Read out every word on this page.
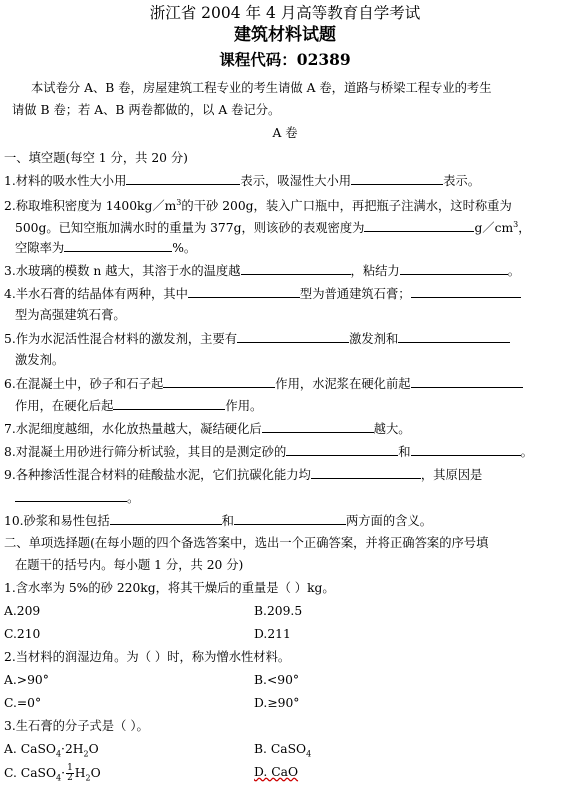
浙江省 2004 年 4 月高等教育自学考试
建筑材料试题
课程代码：02389
本试卷分 A、B 卷，房屋建筑工程专业的考生请做 A 卷，道路与桥梁工程专业的考生
请做 B 卷；若 A、B 两卷都做的，以 A 卷记分。
A 卷
一、填空题(每空 1 分，共 20 分)
1.材料的吸水性大小用	表示，吸湿性大小用	表示。
2.称取堆积密度为 $1400kg/m^3$的干砂 200g，装入广口瓶中，再把瓶子注满水，这时称重为
500g。已知空瓶加满水时的重量为 377g，则该砂的表观密度为	$g/cm^3$，
空隙率为	%。
3.水玻璃的模数 n 越大，其溶于水的温度越	，粘结力	。
4.半水石膏的结晶体有两种，其中	型为普通建筑石膏；
型为高强建筑石膏。
5.作为水泥活性混合材料的激发剂，主要有	激发剂和
激发剂。
6.在混凝土中，砂子和石子起	作用，水泥浆在硬化前起
作用，在硬化后起	作用。
7.水泥细度越细，水化放热量越大，凝结硬化后	越大。
8.对混凝土用砂进行筛分析试验，其目的是测定砂的	和	。
9.各种掺活性混合材料的硅酸盐水泥，它们抗碳化能力均	，其原因是
。
10.砂浆和易性包括	和	两方面的含义。
二、单项选择题(在每小题的四个备选答案中，选出一个正确答案，并将正确答案的序号填
在题干的括号内。每小题 1 分，共 20 分)
1.含水率为 5%的砂 220kg，将其干燥后的重量是（ ）kg。
A.209	B.209.5
C.210	D.211
2.当材料的润湿边角。为（ ）时，称为憎水性材料。
A.>90°	B.<90°
C.=0°	D.≥90°
3.生石膏的分子式是（ ）。
A. $CaSO_4\cdot 2H_2O$	B. CaSO$_4$
C. CaSO$_4$· $\frac{1}{2} H_2O$	D. CaO
